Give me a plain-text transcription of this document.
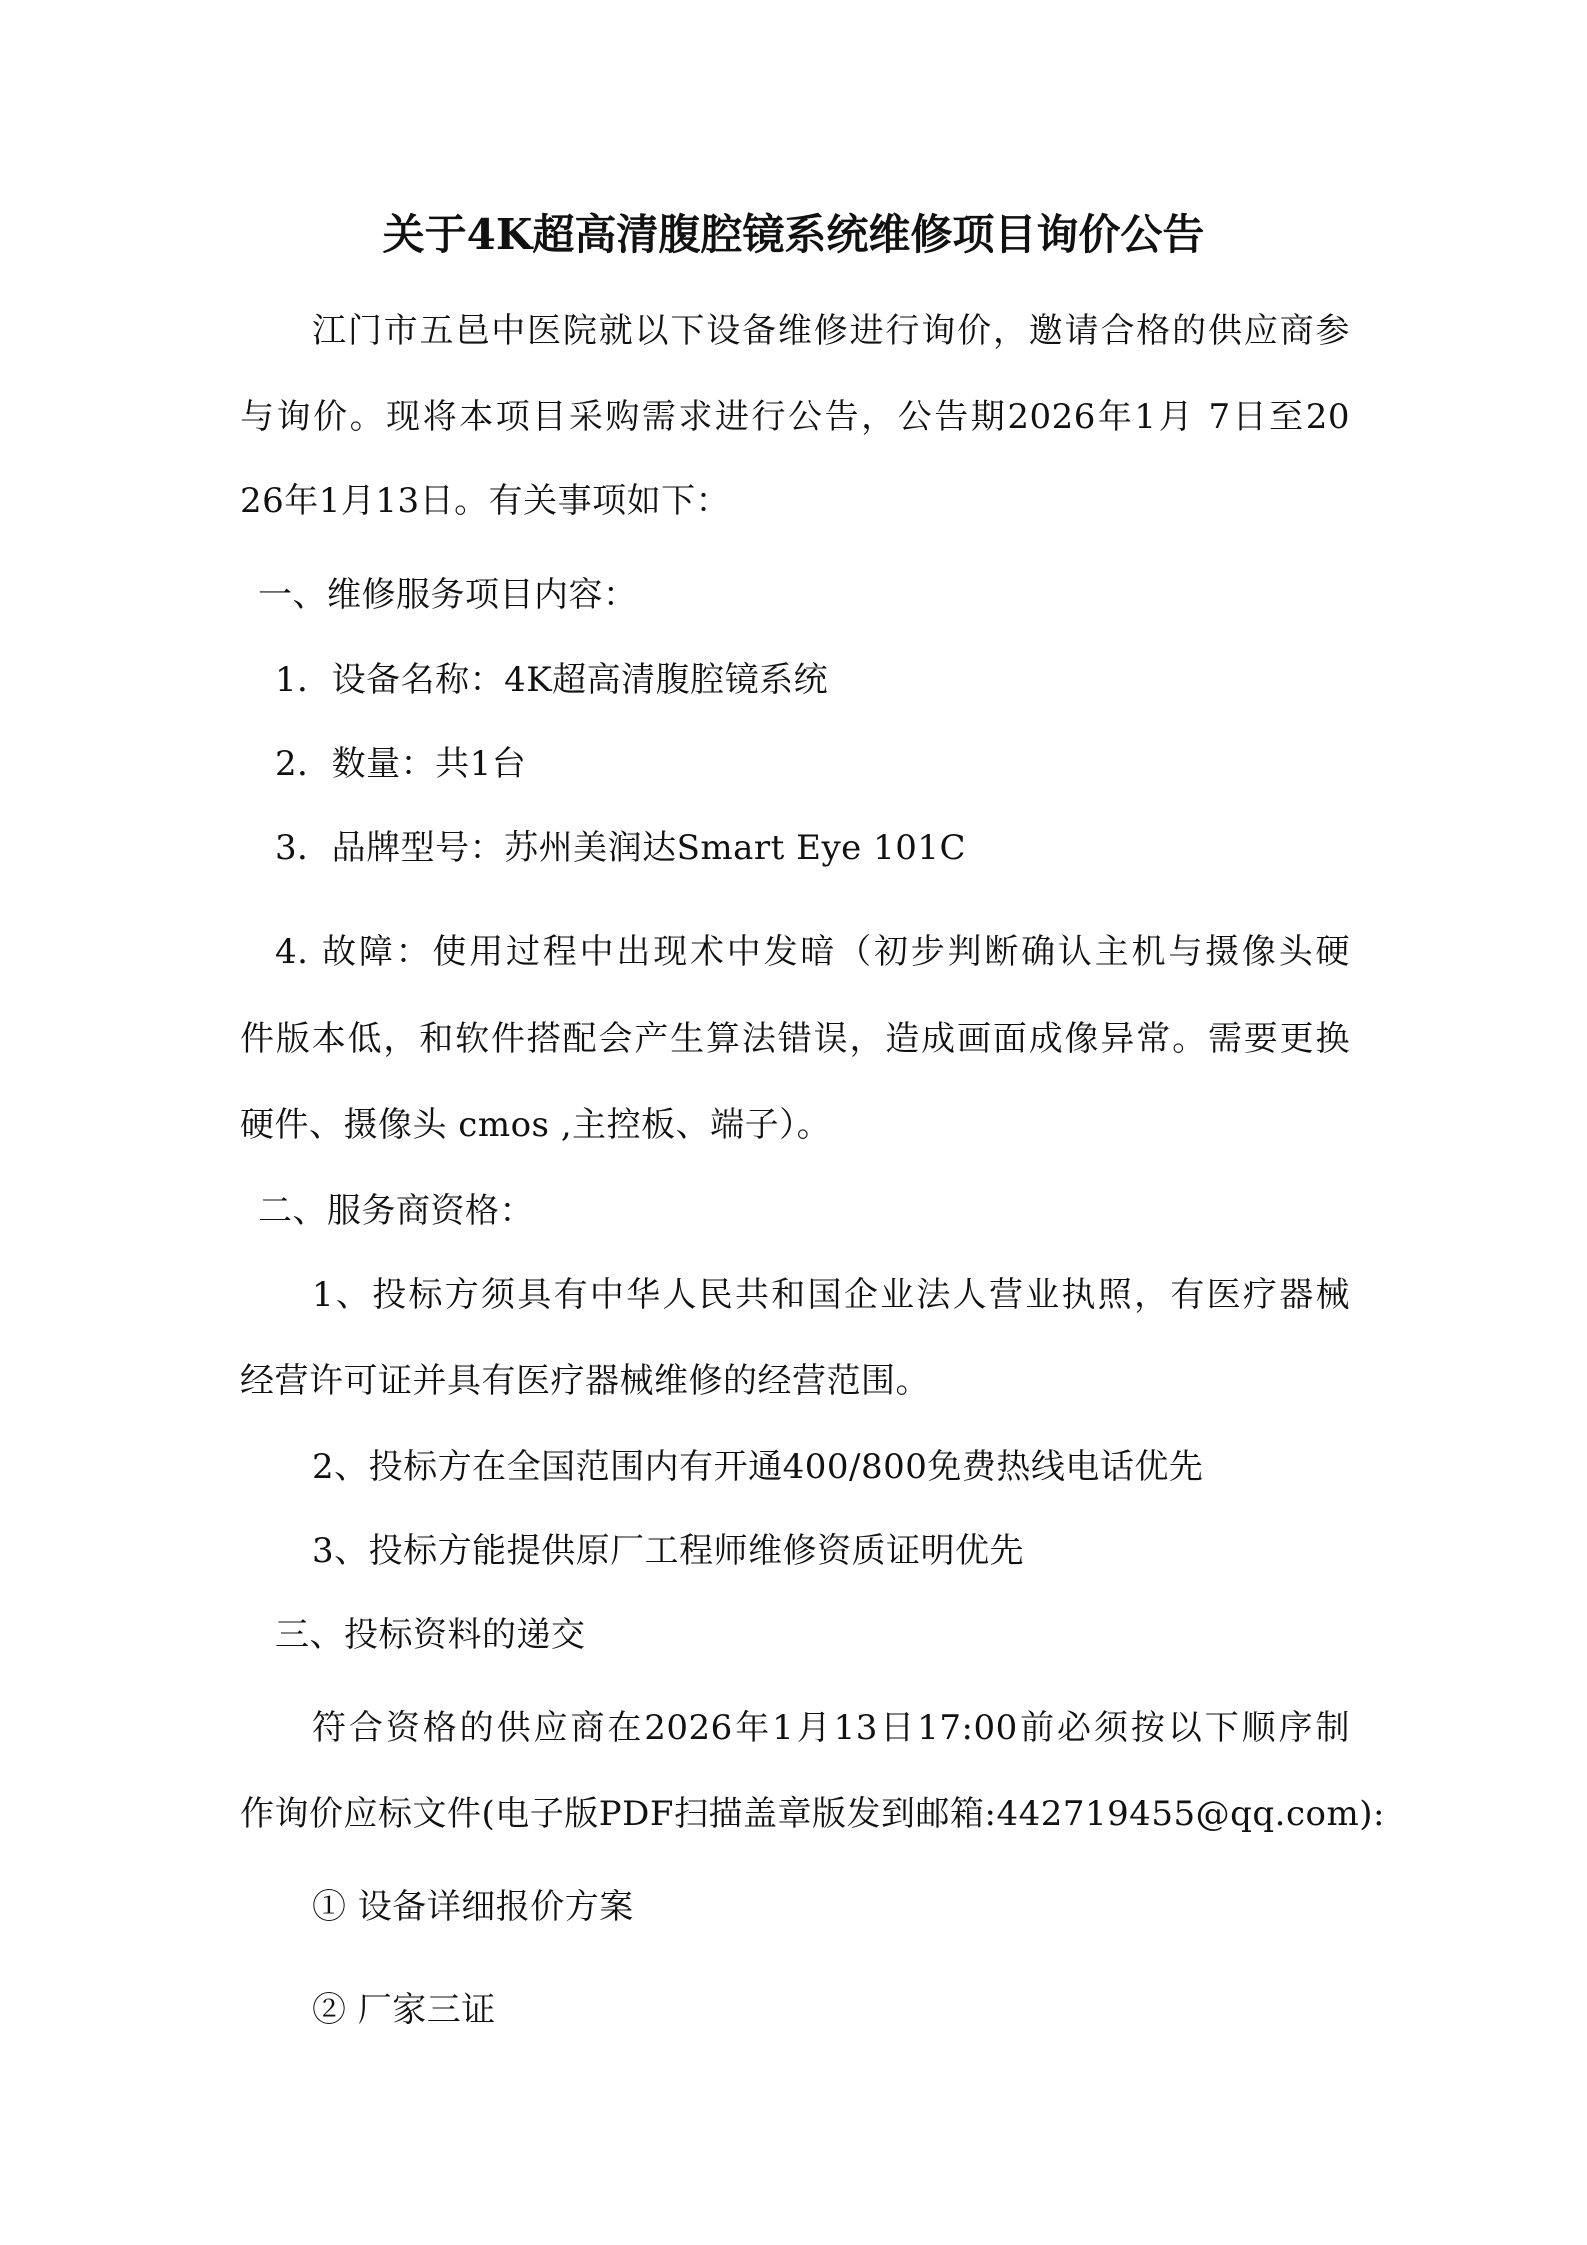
关于4K超高清腹腔镜系统维修项目询价公告
江门市五邑中医院就以下设备维修进行询价，邀请合格的供应商参
与询价。现将本项目采购需求进行公告，公告期2026年1月 7日至20
26年1月13日。有关事项如下：
一、维修服务项目内容：
1．设备名称：4K超高清腹腔镜系统
2．数量：共1台
3．品牌型号：苏州美润达Smart Eye 101C
4. 故障：使用过程中出现术中发暗（初步判断确认主机与摄像头硬
件版本低，和软件搭配会产生算法错误，造成画面成像异常。需要更换
硬件、摄像头 cmos ,主控板、端子）。
二、服务商资格：
1、投标方须具有中华人民共和国企业法人营业执照，有医疗器械
经营许可证并具有医疗器械维修的经营范围。
2、投标方在全国范围内有开通400/800免费热线电话优先
3、投标方能提供原厂工程师维修资质证明优先
三、投标资料的递交
符合资格的供应商在2026年1月13日17:00前必须按以下顺序制
作询价应标文件(电子版PDF扫描盖章版发到邮箱:442719455@qq.com):
① 设备详细报价方案
② 厂家三证
